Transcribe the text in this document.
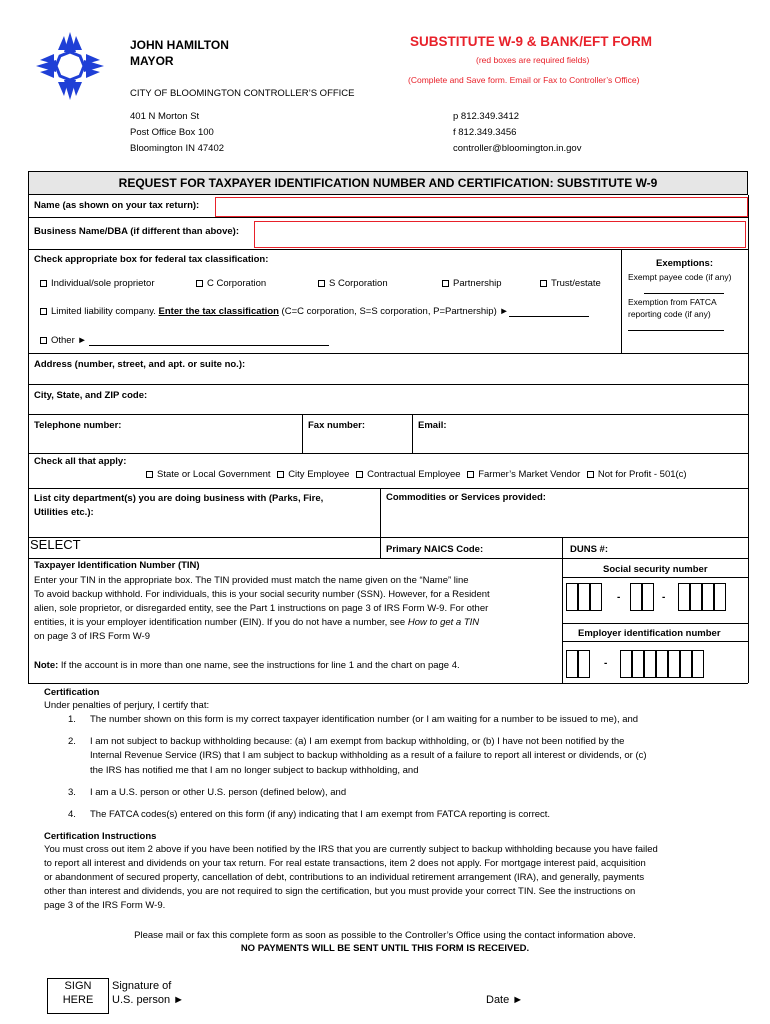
JOHN HAMILTON
MAYOR
CITY OF BLOOMINGTON CONTROLLER’S OFFICE
401 N Morton St
Post Office Box 100
Bloomington IN 47402
p 812.349.3412
f 812.349.3456
controller@bloomington.in.gov
SUBSTITUTE W-9 & BANK/EFT FORM
(red boxes are required fields)
(Complete and Save form. Email or Fax to Controller’s Office)
REQUEST FOR TAXPAYER IDENTIFICATION NUMBER AND CERTIFICATION: SUBSTITUTE W-9
Name (as shown on your tax return):
Business Name/DBA (if different than above):
Check appropriate box for federal tax classification:
Individual/sole proprietor	C Corporation	S Corporation	Partnership	Trust/estate
Limited liability company. Enter the tax classification (C=C corporation, S=S corporation, P=Partnership) ►
Other ►
Exemptions:
Exempt payee code (if any)
Exemption from FATCA reporting code (if any)
Address (number, street, and apt. or suite no.):
City, State, and ZIP code:
Telephone number:	Fax number:	Email:
Check all that apply:
State or Local Government City Employee Contractual Employee Farmer’s Market Vendor Not for Profit - 501(c)
List city department(s) you are doing business with (Parks, Fire, Utilities etc.):
Commodities or Services provided:
SELECT	Primary NAICS Code:	DUNS #:
Taxpayer Identification Number (TIN)
Enter your TIN in the appropriate box. The TIN provided must match the name given on the “Name” line
To avoid backup withhold. For individuals, this is your social security number (SSN). However, for a Resident
alien, sole proprietor, or disregarded entity, see the Part 1 instructions on page 3 of IRS Form W-9. For other
entities, it is your employer identification number (EIN). If you do not have a number, see How to get a TIN
on page 3 of IRS Form W-9
Note: If the account is in more than one name, see the instructions for line 1 and the chart on page 4.
Social security number
-	-
Employer identification number
-
Certification
Under penalties of perjury, I certify that:
1. The number shown on this form is my correct taxpayer identification number (or I am waiting for a number to be issued to me), and
2. I am not subject to backup withholding because: (a) I am exempt from backup withholding, or (b) I have not been notified by the
Internal Revenue Service (IRS) that I am subject to backup withholding as a result of a failure to report all interest or dividends, or (c)
the IRS has notified me that I am no longer subject to backup withholding, and
3. I am a U.S. person or other U.S. person (defined below), and
4. The FATCA codes(s) entered on this form (if any) indicating that I am exempt from FATCA reporting is correct.
Certification Instructions
You must cross out item 2 above if you have been notified by the IRS that you are currently subject to backup withholding because you have failed
to report all interest and dividends on your tax return. For real estate transactions, item 2 does not apply. For mortgage interest paid, acquisition
or abandonment of secured property, cancellation of debt, contributions to an individual retirement arrangement (IRA), and generally, payments
other than interest and dividends, you are not required to sign the certification, but you must provide your correct TIN. See the instructions on
page 3 of the IRS Form W-9.
Please mail or fax this complete form as soon as possible to the Controller’s Office using the contact information above.
NO PAYMENTS WILL BE SENT UNTIL THIS FORM IS RECEIVED.
SIGN
HERE
Signature of
U.S. person ►	Date ►
